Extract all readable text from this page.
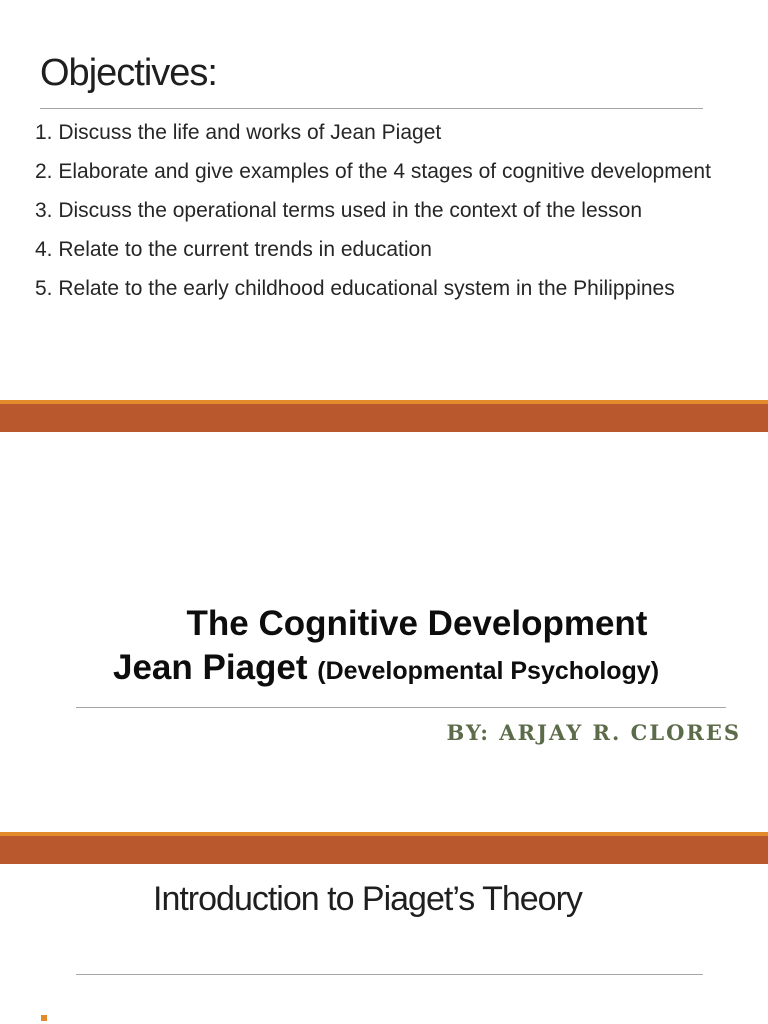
Objectives:
1. Discuss the life and works of Jean Piaget
2. Elaborate and give examples of the 4 stages of cognitive development
3. Discuss the operational terms used in the context of the lesson
4. Relate to the current trends in education
5. Relate to the early childhood educational system in the Philippines
The Cognitive Development
Jean Piaget (Developmental Psychology)

BY: ARJAY R. CLORES

Introduction to Piaget’s Theory
